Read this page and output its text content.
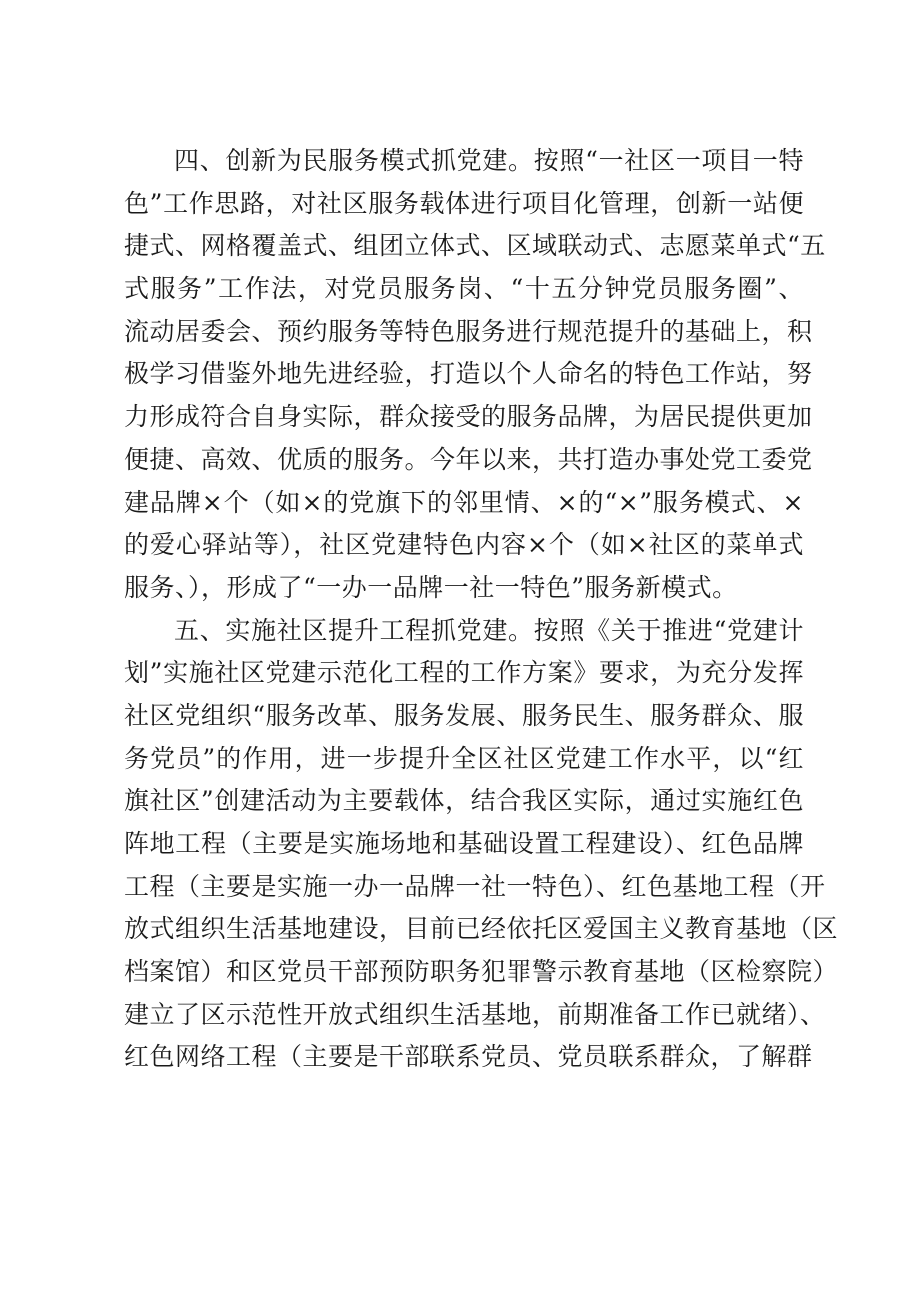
四、创新为民服务模式抓党建。按照“一社区一项目一特
色”工作思路，对社区服务载体进行项目化管理，创新一站便
捷式、网格覆盖式、组团立体式、区域联动式、志愿菜单式“五
式服务”工作法，对党员服务岗、“十五分钟党员服务圈”、
流动居委会、预约服务等特色服务进行规范提升的基础上，积
极学习借鉴外地先进经验，打造以个人命名的特色工作站，努
力形成符合自身实际，群众接受的服务品牌，为居民提供更加
便捷、高效、优质的服务。今年以来，共打造办事处党工委党
建品牌×个（如×的党旗下的邻里情、×的“×”服务模式、×
的爱心驿站等），社区党建特色内容×个（如×社区的菜单式
服务、），形成了“一办一品牌一社一特色”服务新模式。
五、实施社区提升工程抓党建。按照《关于推进“党建计
划”实施社区党建示范化工程的工作方案》要求，为充分发挥
社区党组织“服务改革、服务发展、服务民生、服务群众、服
务党员”的作用，进一步提升全区社区党建工作水平，以“红
旗社区”创建活动为主要载体，结合我区实际，通过实施红色
阵地工程（主要是实施场地和基础设置工程建设）、红色品牌
工程（主要是实施一办一品牌一社一特色）、红色基地工程（开
放式组织生活基地建设，目前已经依托区爱国主义教育基地（区
档案馆）和区党员干部预防职务犯罪警示教育基地（区检察院）
建立了区示范性开放式组织生活基地，前期准备工作已就绪）、
红色网络工程（主要是干部联系党员、党员联系群众，了解群
